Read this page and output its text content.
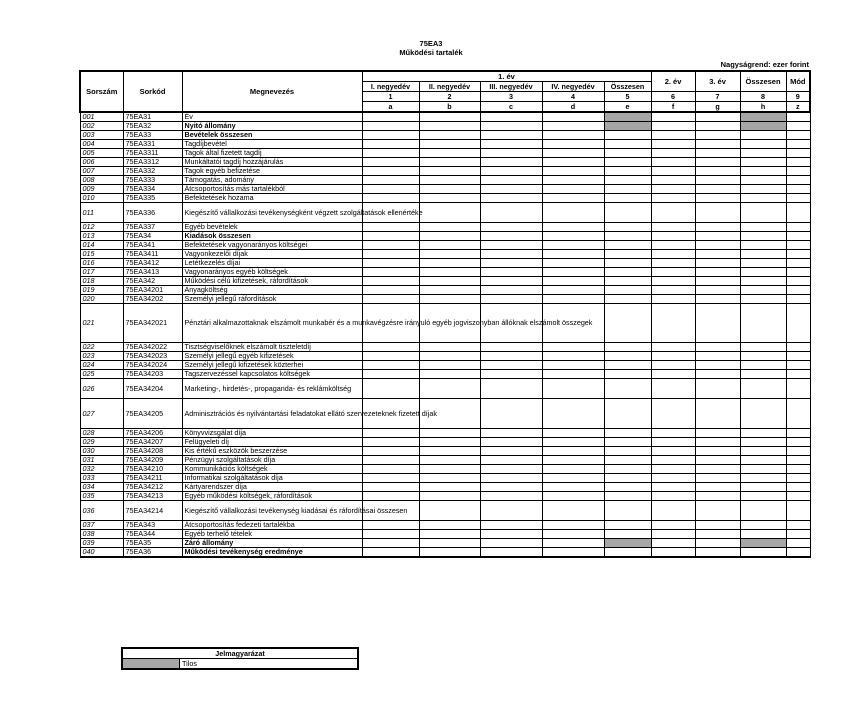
75EA3
Működési tartalék
Nagyságrend: ezer forint
Sorszám	Sorkód	Megnevezés	1. év					2. év	3. év	Összesen	Mód
			I. negyedév	II. negyedév	III. negyedév	IV. negyedév	Összesen				
			1	2	3	4	5	6	7	8	9
			a	b	c	d	e	f	g	h	z
001	75EA31	Év									
002	75EA32	Nyitó állomány									
003	75EA33	Bevételek összesen									
004	75EA331	Tagdíjbevétel									
005	75EA3311	Tagok által fizetett tagdíj									
006	75EA3312	Munkáltatói tagdíj hozzájárulás									
007	75EA332	Tagok egyéb befizetése									
008	75EA333	Támogatás, adomány									
009	75EA334	Átcsoportosítás más tartalékból									
010	75EA335	Befektetések hozama									
011	75EA336	Kiegészítő vállalkozási tevékenységként végzett szolgáltatások ellenértéke									
012	75EA337	Egyéb bevételek									
013	75EA34	Kiadások összesen									
014	75EA341	Befektetések vagyonarányos költségei									
015	75EA3411	Vagyonkezelői díjak									
016	75EA3412	Letétkezelés díjai									
017	75EA3413	Vagyonarányos egyéb költségek									
018	75EA342	Működési célú kifizetések, ráfordítások									
019	75EA34201	Anyagköltség									
020	75EA34202	Személyi jellegű ráfordítások									
021	75EA342021	Pénztári alkalmazottaknak elszámolt munkabér és a munkavégzésre irányuló egyéb jogviszonyban állóknak elszámolt összegek									
022	75EA342022	Tisztségviselőknek elszámolt tiszteletdíj									
023	75EA342023	Személyi jellegű egyéb kifizetések									
024	75EA342024	Személyi jellegű kifizetések közterhei									
025	75EA34203	Tagszervezéssel kapcsolatos költségek									
026	75EA34204	Marketing-, hirdetés-, propaganda- és reklámköltség									
027	75EA34205	Adminisztrációs és nyilvántartási feladatokat ellátó szervezeteknek fizetett díjak									
028	75EA34206	Könyvvizsgálat díja									
029	75EA34207	Felügyeleti díj									
030	75EA34208	Kis értékű eszközök beszerzése									
031	75EA34209	Pénzügyi szolgáltatások díja									
032	75EA34210	Kommunikációs költségek									
033	75EA34211	Informatikai szolgáltatások díja									
034	75EA34212	Kártyarendszer díja									
035	75EA34213	Egyéb működési költségek, ráfordítások									
036	75EA34214	Kiegészítő vállalkozási tevékenység kiadásai és ráfordításai összesen									
037	75EA343	Átcsoportosítás fedezeti tartalékba									
038	75EA344	Egyéb terhelő tételek									
039	75EA35	Záró állomány									
040	75EA36	Működési tevékenység eredménye									
Jelmagyarázat
	Tilos
